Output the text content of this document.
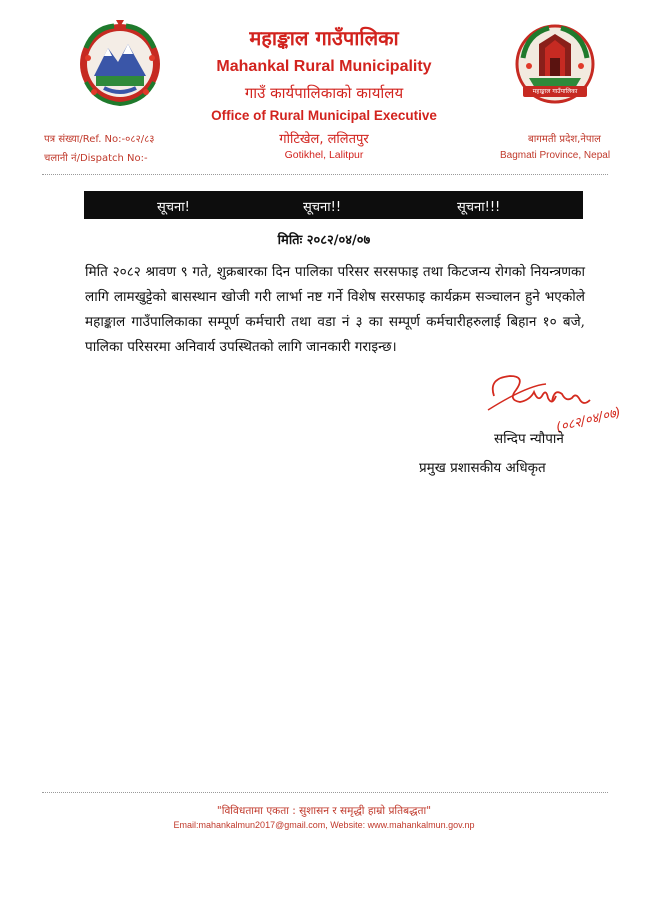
महाङ्काल गाउँपालिका
महाङ्काल गाउँपालिका
Mahankal Rural Municipality
गाउँ कार्यपालिकाको कार्यालय
Office of Rural Municipal Executive
गोटिखेल, ललितपुर
Gotikhel, Lalitpur
पत्र संख्या/Ref. No:-०८२/८३
चलानी नं/Dispatch No:-
बागमती प्रदेश,नेपाल
Bagmati Province, Nepal
सूचना!	सूचना!!	सूचना!!!
मितिः २०८२/०४/०७
मिति २०८२ श्रावण ९ गते, शुक्रबारका दिन पालिका परिसर सरसफाइ तथा किटजन्य रोगको नियन्त्रणका लागि लामखुट्टेको बासस्थान खोजी गरी लार्भा नष्ट गर्ने विशेष सरसफाइ कार्यक्रम सञ्चालन हुने भएकोले महाङ्काल गाउँपालिकाका सम्पूर्ण कर्मचारी तथा वडा नं ३ का सम्पूर्ण कर्मचारीहरुलाई बिहान १० बजे, पालिका परिसरमा अनिवार्य उपस्थितको लागि जानकारी गराइन्छ।
(०८२/०४/०७)
सन्दिप न्यौपाने
प्रमुख प्रशासकीय अधिकृत
"विविधतामा एकता : सुशासन र समृद्धी हाम्रो प्रतिबद्धता"
Email:mahankalmun2017@gmail.com, Website: www.mahankalmun.gov.np
